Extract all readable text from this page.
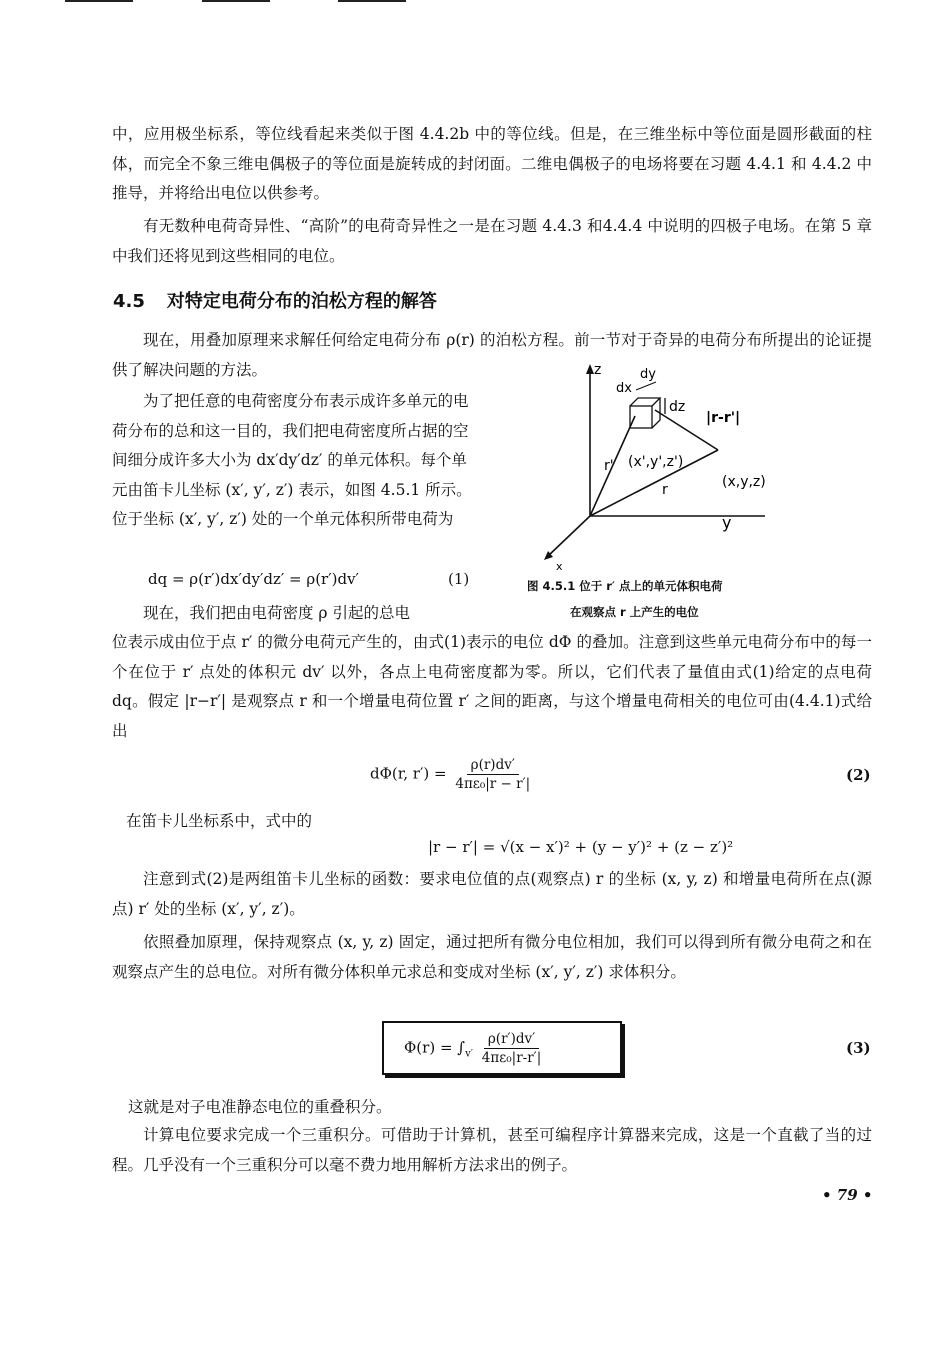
中，应用极坐标系，等位线看起来类似于图 4.4.2b 中的等位线。但是，在三维坐标中等位面是圆形截面的柱体，而完全不象三维电偶极子的等位面是旋转成的封闭面。二维电偶极子的电场将要在习题 4.4.1 和 4.4.2 中推导，并将给出电位以供参考。

有无数种电荷奇异性、“高阶”的电荷奇异性之一是在习题 4.4.3 和4.4.4 中说明的四极子电场。在第 5 章中我们还将见到这些相同的电位。

4.5 对特定电荷分布的泊松方程的解答

现在，用叠加原理来求解任何给定电荷分布 ρ(r) 的泊松方程。前一节对于奇异的电荷分布所提出的论证提供了解决问题的方法。

为了把任意的电荷密度分布表示成许多单元的电荷分布的总和这一目的，我们把电荷密度所占据的空间细分成许多大小为 dx′dy′dz′ 的单元体积。每个单元由笛卡儿坐标 (x′, y′, z′) 表示，如图 4.5.1 所示。位于坐标 (x′, y′, z′) 处的一个单元体积所带电荷为

dq = ρ(r′)dx′dy′dz′ = ρ(r′)dv′	(1)

现在，我们把由电荷密度 ρ 引起的总电

z
y
x
dx
dy
dz
|r-r'|
r'
r
(x',y',z')
(x,y,z)
图 4.5.1 位于 r′ 点上的单元体积电荷
在观察点 r 上产生的电位

位表示成由位于点 r′ 的微分电荷元产生的，由式(1)表示的电位 dΦ 的叠加。注意到这些单元电荷分布中的每一个在位于 r′ 点处的体积元 dv′ 以外，各点上电荷密度都为零。所以，它们代表了量值由式(1)给定的点电荷 dq。假定 |r−r′| 是观察点 r 和一个增量电荷位置 r′ 之间的距离，与这个增量电荷相关的电位可由(4.4.1)式给出

dΦ(r, $r') = \frac{\rho(r)dv'}{\text{4πε₀|r − r′|}}$	(2)

在笛卡儿坐标系中，式中的

|r − r′| = √(x − x′)² + (y − y′)² + (z − z′)²

注意到式(2)是两组笛卡儿坐标的函数：要求电位值的点(观察点) r 的坐标 (x, y, z) 和增量电荷所在点(源点) r′ 处的坐标 (x′, y′, z′)。

依照叠加原理，保持观察点 (x, y, z) 固定，通过把所有微分电位相加，我们可以得到所有微分电荷之和在观察点产生的总电位。对所有微分体积单元求总和变成对坐标 (x′, y′, z′) 求体积分。

$\Phi(r) = \int_{v'} \frac{\rho(r')dv'}{\text{4πε₀|r-r′|}}$	(3)

这就是对子电准静态电位的重叠积分。

计算电位要求完成一个三重积分。可借助于计算机，甚至可编程序计算器来完成，这是一个直截了当的过程。几乎没有一个三重积分可以毫不费力地用解析方法求出的例子。

• 79 •
